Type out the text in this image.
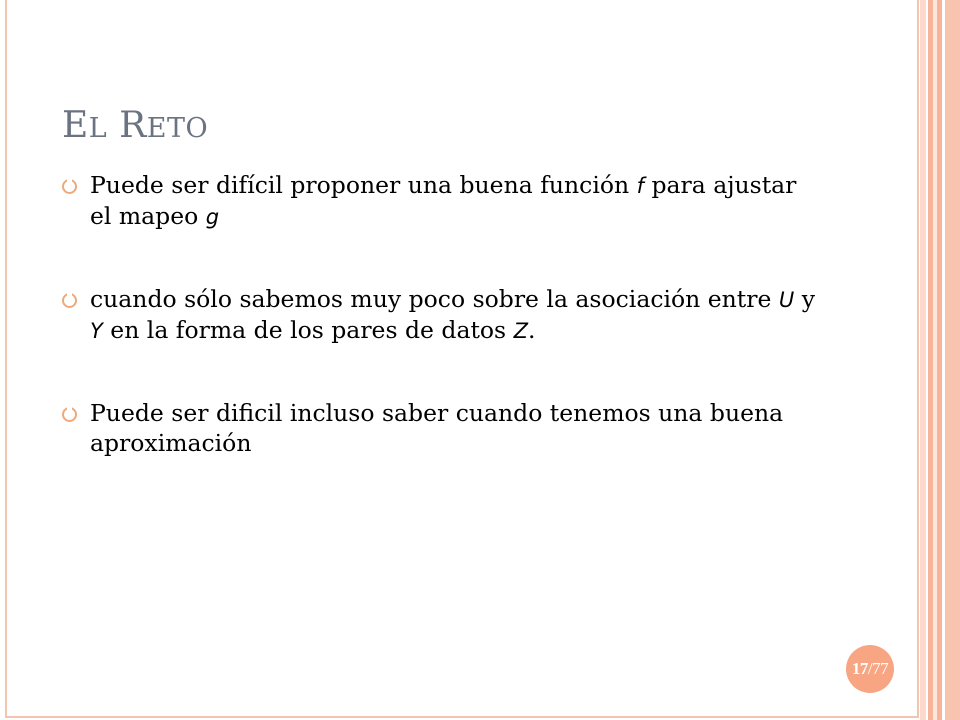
EL RETO
Puede ser difícil proponer una buena función f para ajustar el mapeo g
cuando sólo sabemos muy poco sobre la asociación entre U y Y en la forma de los pares de datos Z.
Puede ser dificil incluso saber cuando tenemos una buena aproximación
17/77
